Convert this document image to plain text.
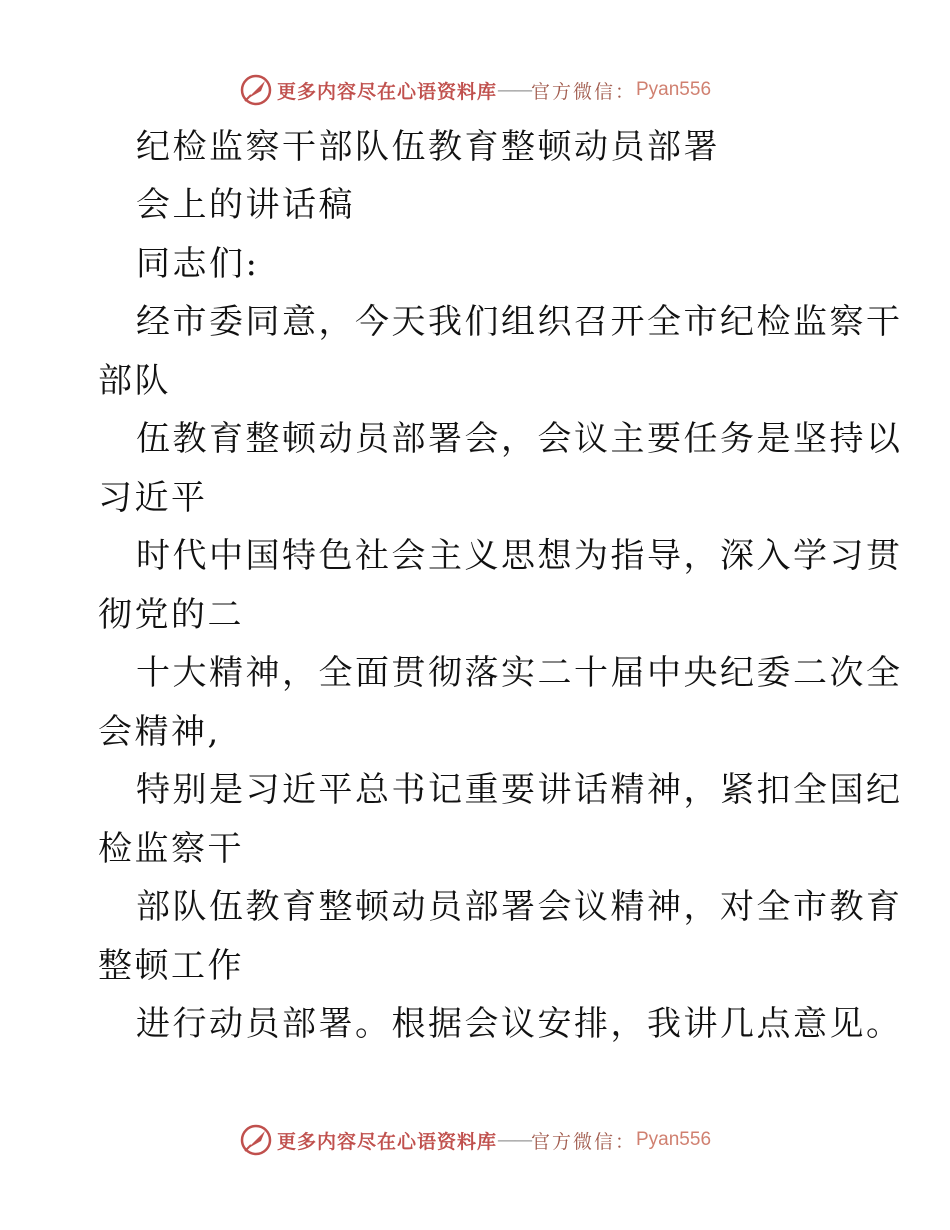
更多内容尽在心语资料库 —— 官方微信： Pyan556
纪检监察干部队伍教育整顿动员部署
会上的讲话稿
同志们:
经市委同意，今天我们组织召开全市纪检监察干
部队
伍教育整顿动员部署会，会议主要任务是坚持以
习近平
时代中国特色社会主义思想为指导，深入学习贯
彻党的二
十大精神，全面贯彻落实二十届中央纪委二次全
会精神,
特别是习近平总书记重要讲话精神，紧扣全国纪
检监察干
部队伍教育整顿动员部署会议精神，对全市教育
整顿工作
进行动员部署。根据会议安排，我讲几点意见。
更多内容尽在心语资料库 —— 官方微信： Pyan556
